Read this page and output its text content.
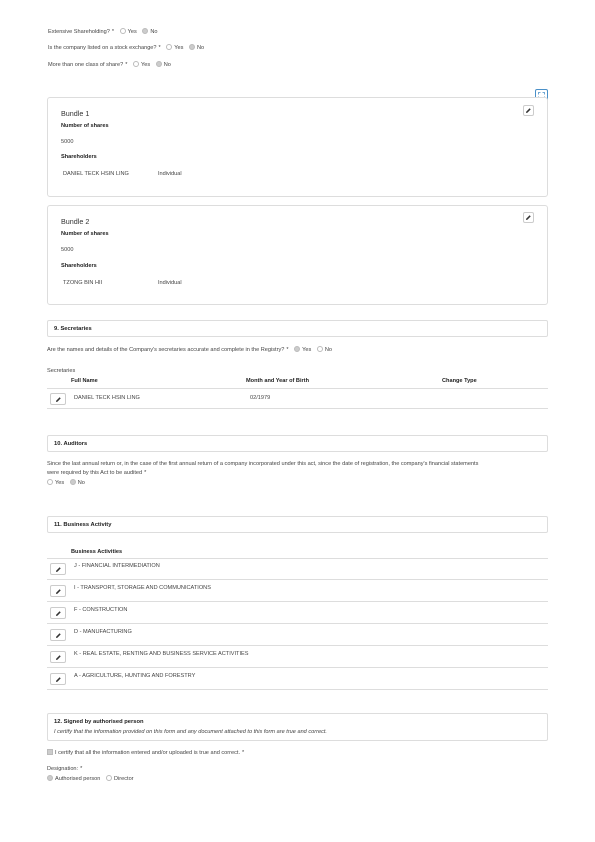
Extensive Shareholding? * Yes No
Is the company listed on a stock exchange? * Yes No
More than one class of share? * Yes No
Bundle 1
Number of shares
5000
Shareholders
DANIEL TECK HSIN LING	Individual
Bundle 2
Number of shares
5000
Shareholders
TZONG BIN HII	Individual
9. Secretaries
Are the names and details of the Company's secretaries accurate and complete in the Registry? * Yes No
Secretaries
Full Name	Month and Year of Birth	Change Type
DANIEL TECK HSIN LING	02/1979
10. Auditors
Since the last annual return or, in the case of the first annual return of a company incorporated under this act, since the date of registration, the company's financial statements
were required by this Act to be audited *
Yes No
11. Business Activity
Business Activities
J - FINANCIAL INTERMEDIATION
I - TRANSPORT, STORAGE AND COMMUNICATIONS
F - CONSTRUCTION
D - MANUFACTURING
K - REAL ESTATE, RENTING AND BUSINESS SERVICE ACTIVITIES
A - AGRICULTURE, HUNTING AND FORESTRY
12. Signed by authorised person
I certify that the information provided on this form and any document attached to this form are true and correct.
I certify that all the information entered and/or uploaded is true and correct. *
Designation: *
Authorised person Director
